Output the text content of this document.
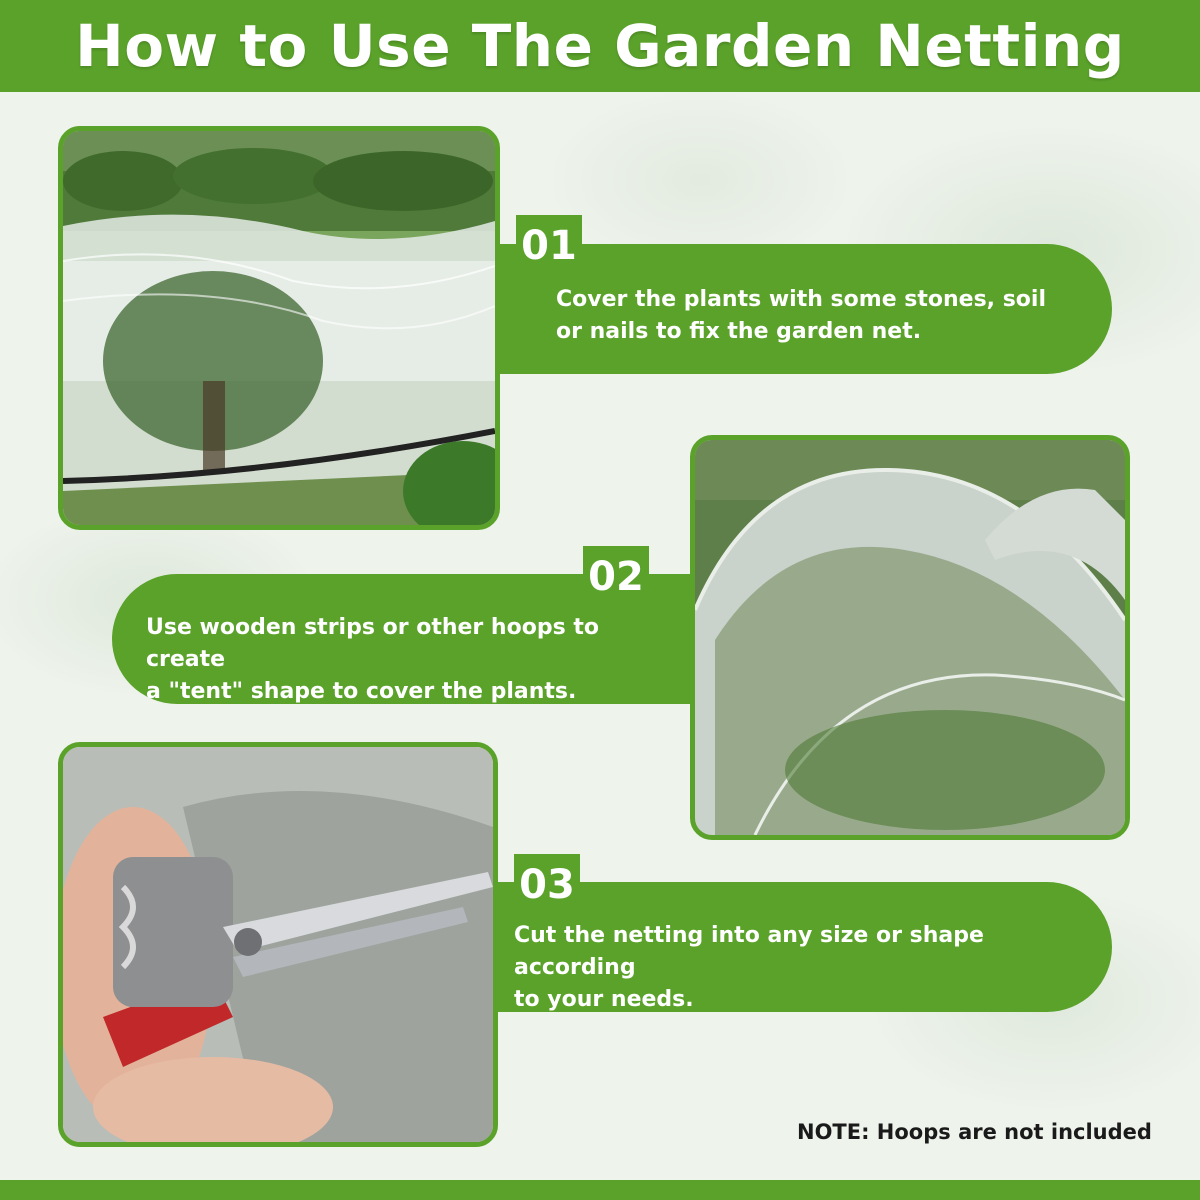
How to Use The Garden Netting

Cover the plants with some stones, soil

or nails to fix the garden net.

01

Use wooden strips or other hoops to create

a "tent" shape to cover the plants.

02

Cut the netting into any size or shape according

to your needs.

03
NOTE: Hoops are not included
